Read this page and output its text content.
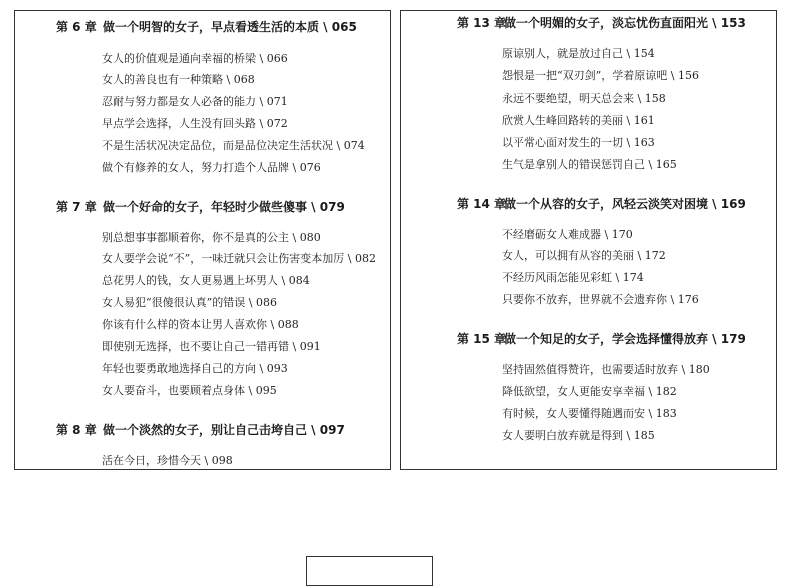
第 6 章 做一个明智的女子，早点看透生活的本质 \ 065
女人的价值观是通向幸福的桥梁 \ 066
女人的善良也有一种策略 \ 068
忍耐与努力都是女人必备的能力 \ 071
早点学会选择，人生没有回头路 \ 072
不是生活状况决定品位，而是品位决定生活状况 \ 074
做个有修养的女人，努力打造个人品牌 \ 076
第 7 章 做一个好命的女子，年轻时少做些傻事 \ 079
别总想事事都顺着你，你不是真的公主 \ 080
女人要学会说“不”，一味迁就只会让伤害变本加厉 \ 082
总花男人的钱，女人更易遇上坏男人 \ 084
女人易犯“很傻很认真”的错误 \ 086
你该有什么样的资本让男人喜欢你 \ 088
即使别无选择，也不要让自己一错再错 \ 091
年轻也要勇敢地选择自己的方向 \ 093
女人要奋斗，也要顾着点身体 \ 095
第 8 章 做一个淡然的女子，别让自己击垮自己 \ 097
活在今日，珍惜今天 \ 098
第 13 章做一个明媚的女子，淡忘忧伤直面阳光 \ 153
原谅别人，就是放过自己 \ 154
怨恨是一把“双刃剑”，学着原谅吧 \ 156
永远不要绝望，明天总会来 \ 158
欣赏人生峰回路转的美丽 \ 161
以平常心面对发生的一切 \ 163
生气是拿别人的错误惩罚自己 \ 165
第 14 章做一个从容的女子，风轻云淡笑对困境 \ 169
不经磨砺女人难成器 \ 170
女人，可以拥有从容的美丽 \ 172
不经历风雨怎能见彩虹 \ 174
只要你不放弃，世界就不会遗弃你 \ 176
第 15 章做一个知足的女子，学会选择懂得放弃 \ 179
坚持固然值得赞许，也需要适时放弃 \ 180
降低欲望，女人更能安享幸福 \ 182
有时候，女人要懂得随遇而安 \ 183
女人要明白放弃就是得到 \ 185
